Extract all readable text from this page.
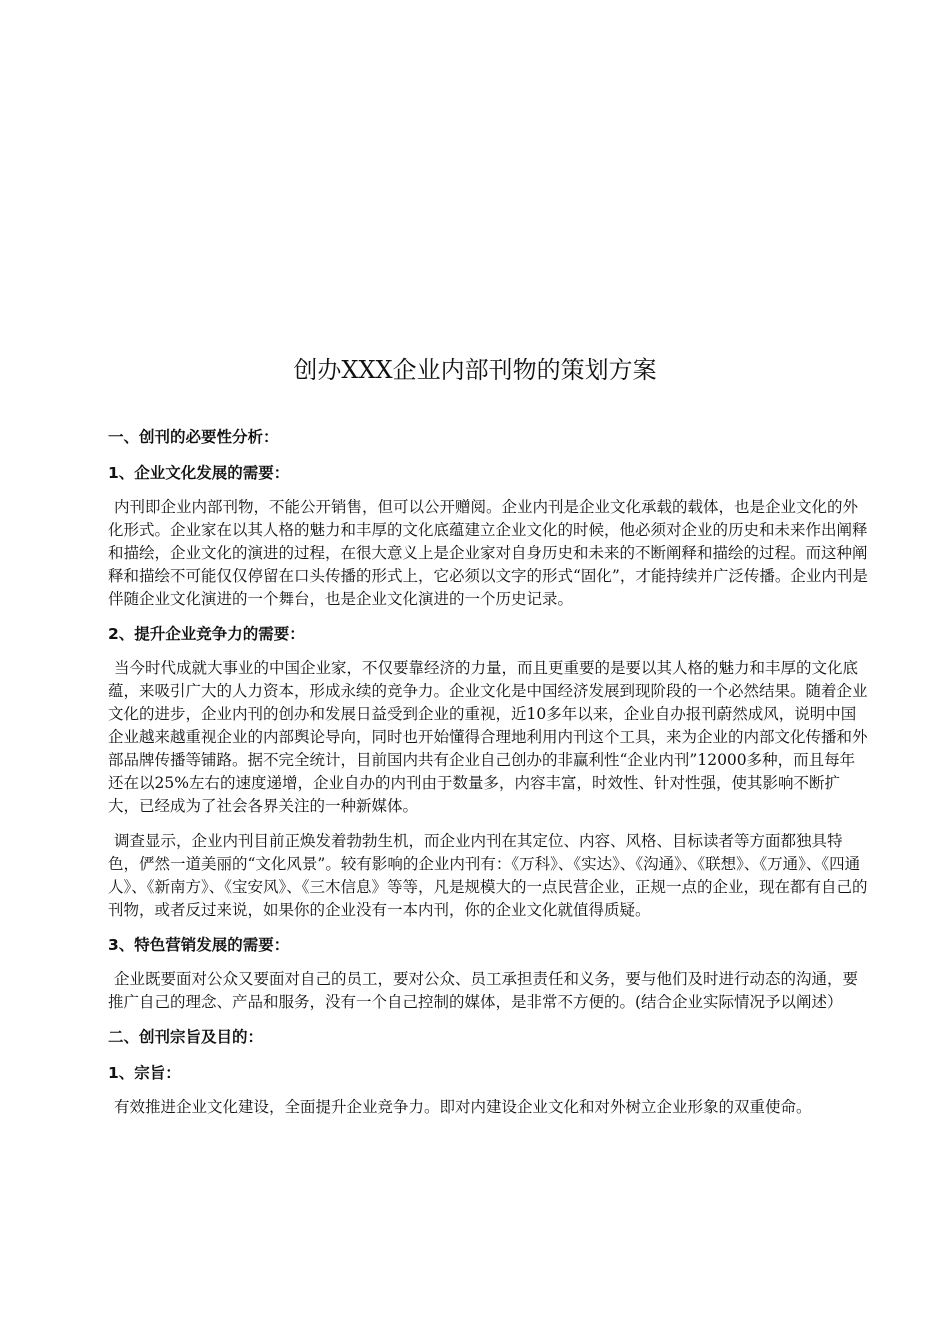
创办XXX企业内部刊物的策划方案

一、创刊的必要性分析：

1、企业文化发展的需要：

内刊即企业内部刊物，不能公开销售，但可以公开赠阅。企业内刊是企业文化承载的载体，也是企业文化的外化形式。企业家在以其人格的魅力和丰厚的文化底蕴建立企业文化的时候，他必须对企业的历史和未来作出阐释和描绘，企业文化的演进的过程，在很大意义上是企业家对自身历史和未来的不断阐释和描绘的过程。而这种阐释和描绘不可能仅仅停留在口头传播的形式上，它必须以文字的形式“固化”，才能持续并广泛传播。企业内刊是伴随企业文化演进的一个舞台，也是企业文化演进的一个历史记录。

2、提升企业竞争力的需要：

当今时代成就大事业的中国企业家，不仅要靠经济的力量，而且更重要的是要以其人格的魅力和丰厚的文化底蕴，来吸引广大的人力资本，形成永续的竞争力。企业文化是中国经济发展到现阶段的一个必然结果。随着企业文化的进步，企业内刊的创办和发展日益受到企业的重视，近10多年以来，企业自办报刊蔚然成风，说明中国企业越来越重视企业的内部舆论导向，同时也开始懂得合理地利用内刊这个工具，来为企业的内部文化传播和外部品牌传播等铺路。据不完全统计，目前国内共有企业自己创办的非赢利性“企业内刊”12000多种，而且每年还在以25%左右的速度递增，企业自办的内刊由于数量多，内容丰富，时效性、针对性强，使其影响不断扩大，已经成为了社会各界关注的一种新媒体。

调查显示，企业内刊目前正焕发着勃勃生机，而企业内刊在其定位、内容、风格、目标读者等方面都独具特色，俨然一道美丽的“文化风景”。较有影响的企业内刊有：《万科》、《实达》、《沟通》、《联想》、《万通》、《四通人》、《新南方》、《宝安风》、《三木信息》等等，凡是规模大的一点民营企业，正规一点的企业，现在都有自己的刊物，或者反过来说，如果你的企业没有一本内刊，你的企业文化就值得质疑。

3、特色营销发展的需要：

企业既要面对公众又要面对自己的员工，要对公众、员工承担责任和义务，要与他们及时进行动态的沟通，要推广自己的理念、产品和服务，没有一个自己控制的媒体，是非常不方便的。(结合企业实际情况予以阐述）

二、创刊宗旨及目的：

1、宗旨：

有效推进企业文化建设，全面提升企业竞争力。即对内建设企业文化和对外树立企业形象的双重使命。
